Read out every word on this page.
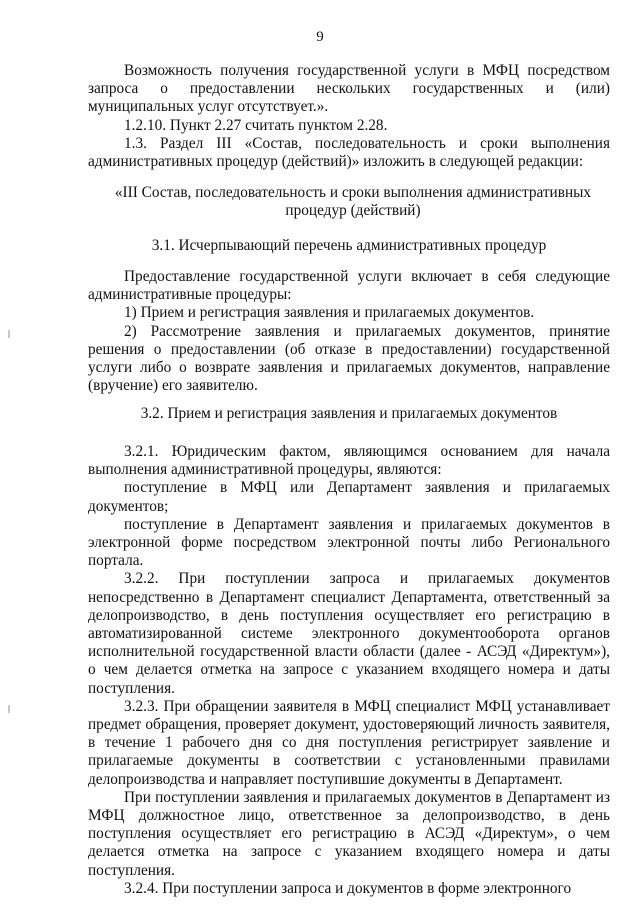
9

Возможность получения государственной услуги в МФЦ посредством запроса о предоставлении нескольких государственных и (или) муниципальных услуг отсутствует.».

1.2.10. Пункт 2.27 считать пунктом 2.28.

1.3. Раздел III «Состав, последовательность и сроки выполнения административных процедур (действий)» изложить в следующей редакции:

«III Состав, последовательность и сроки выполнения административных процедур (действий)

3.1. Исчерпывающий перечень административных процедур

Предоставление государственной услуги включает в себя следующие административные процедуры:

1) Прием и регистрация заявления и прилагаемых документов.

2) Рассмотрение заявления и прилагаемых документов, принятие решения о предоставлении (об отказе в предоставлении) государственной услуги либо о возврате заявления и прилагаемых документов, направление (вручение) его заявителю.

3.2. Прием и регистрация заявления и прилагаемых документов

3.2.1. Юридическим фактом, являющимся основанием для начала выполнения административной процедуры, являются:

поступление в МФЦ или Департамент заявления и прилагаемых документов;

поступление в Департамент заявления и прилагаемых документов в электронной форме посредством электронной почты либо Регионального портала.

3.2.2. При поступлении запроса и прилагаемых документов непосредственно в Департамент специалист Департамента, ответственный за делопроизводство, в день поступления осуществляет его регистрацию в автоматизированной системе электронного документооборота органов исполнительной государственной власти области (далее - АСЭД «Директум»), о чем делается отметка на запросе с указанием входящего номера и даты поступления.

3.2.3. При обращении заявителя в МФЦ специалист МФЦ устанавливает предмет обращения, проверяет документ, удостоверяющий личность заявителя, в течение 1 рабочего дня со дня поступления регистрирует заявление и прилагаемые документы в соответствии с установленными правилами делопроизводства и направляет поступившие документы в Департамент.

При поступлении заявления и прилагаемых документов в Департамент из МФЦ должностное лицо, ответственное за делопроизводство, в день поступления осуществляет его регистрацию в АСЭД «Директум», о чем делается отметка на запросе с указанием входящего номера и даты поступления.

3.2.4. При поступлении запроса и документов в форме электронного
